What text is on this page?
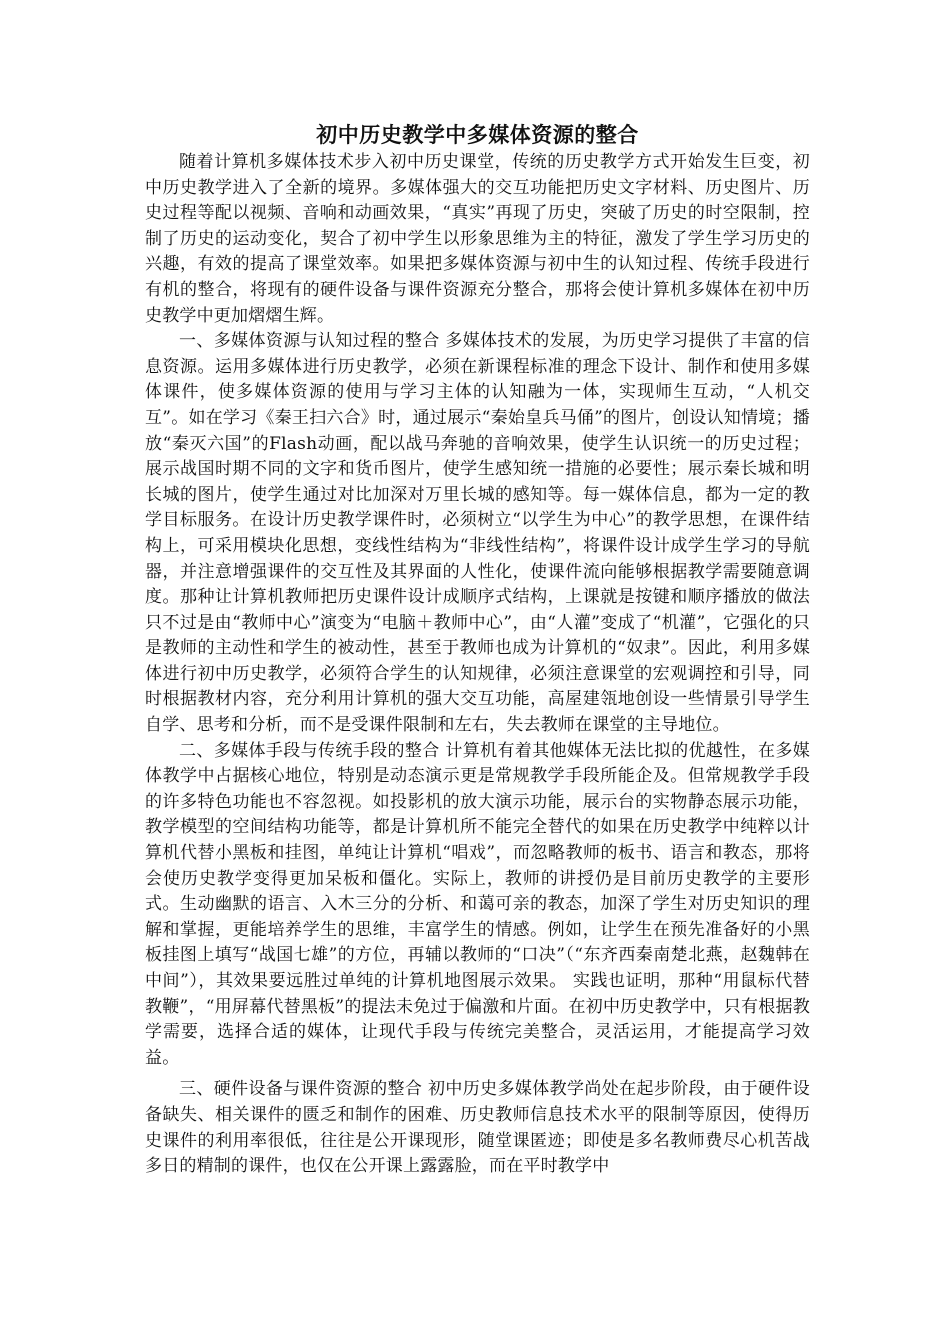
初中历史教学中多媒体资源的整合

随着计算机多媒体技术步入初中历史课堂，传统的历史教学方式开始发生巨变，初中历史教学进入了全新的境界。多媒体强大的交互功能把历史文字材料、历史图片、历史过程等配以视频、音响和动画效果，“真实”再现了历史，突破了历史的时空限制，控制了历史的运动变化，契合了初中学生以形象思维为主的特征，激发了学生学习历史的兴趣，有效的提高了课堂效率。如果把多媒体资源与初中生的认知过程、传统手段进行有机的整合，将现有的硬件设备与课件资源充分整合，那将会使计算机多媒体在初中历史教学中更加熠熠生辉。

一、多媒体资源与认知过程的整合 多媒体技术的发展，为历史学习提供了丰富的信息资源。运用多媒体进行历史教学，必须在新课程标准的理念下设计、制作和使用多媒体课件，使多媒体资源的使用与学习主体的认知融为一体，实现师生互动，“人机交互”。如在学习《秦王扫六合》时，通过展示“秦始皇兵马俑”的图片，创设认知情境；播放“秦灭六国”的Flash动画，配以战马奔驰的音响效果，使学生认识统一的历史过程；展示战国时期不同的文字和货币图片，使学生感知统一措施的必要性；展示秦长城和明长城的图片，使学生通过对比加深对万里长城的感知等。每一媒体信息，都为一定的教学目标服务。在设计历史教学课件时，必须树立“以学生为中心”的教学思想，在课件结构上，可采用模块化思想，变线性结构为“非线性结构”，将课件设计成学生学习的导航器，并注意增强课件的交互性及其界面的人性化，使课件流向能够根据教学需要随意调度。那种让计算机教师把历史课件设计成顺序式结构，上课就是按键和顺序播放的做法只不过是由“教师中心”演变为“电脑＋教师中心”，由“人灌”变成了“机灌”，它强化的只是教师的主动性和学生的被动性，甚至于教师也成为计算机的“奴隶”。因此，利用多媒体进行初中历史教学，必须符合学生的认知规律，必须注意课堂的宏观调控和引导，同时根据教材内容，充分利用计算机的强大交互功能，高屋建瓴地创设一些情景引导学生自学、思考和分析，而不是受课件限制和左右，失去教师在课堂的主导地位。

二、多媒体手段与传统手段的整合 计算机有着其他媒体无法比拟的优越性，在多媒体教学中占据核心地位，特别是动态演示更是常规教学手段所能企及。但常规教学手段的许多特色功能也不容忽视。如投影机的放大演示功能，展示台的实物静态展示功能，教学模型的空间结构功能等，都是计算机所不能完全替代的如果在历史教学中纯粹以计算机代替小黑板和挂图，单纯让计算机“唱戏”，而忽略教师的板书、语言和教态，那将会使历史教学变得更加呆板和僵化。实际上，教师的讲授仍是目前历史教学的主要形式。生动幽默的语言、入木三分的分析、和蔼可亲的教态，加深了学生对历史知识的理解和掌握，更能培养学生的思维，丰富学生的情感。例如，让学生在预先准备好的小黑板挂图上填写“战国七雄”的方位，再辅以教师的“口决”（“东齐西秦南楚北燕，赵魏韩在中间”），其效果要远胜过单纯的计算机地图展示效果。 实践也证明，那种“用鼠标代替教鞭”，“用屏幕代替黑板”的提法未免过于偏激和片面。在初中历史教学中，只有根据教学需要，选择合适的媒体，让现代手段与传统完美整合，灵活运用，才能提高学习效益。

三、硬件设备与课件资源的整合 初中历史多媒体教学尚处在起步阶段，由于硬件设备缺失、相关课件的匮乏和制作的困难、历史教师信息技术水平的限制等原因，使得历史课件的利用率很低，往往是公开课现形，随堂课匿迹；即使是多名教师费尽心机苦战多日的精制的课件，也仅在公开课上露露脸，而在平时教学中
